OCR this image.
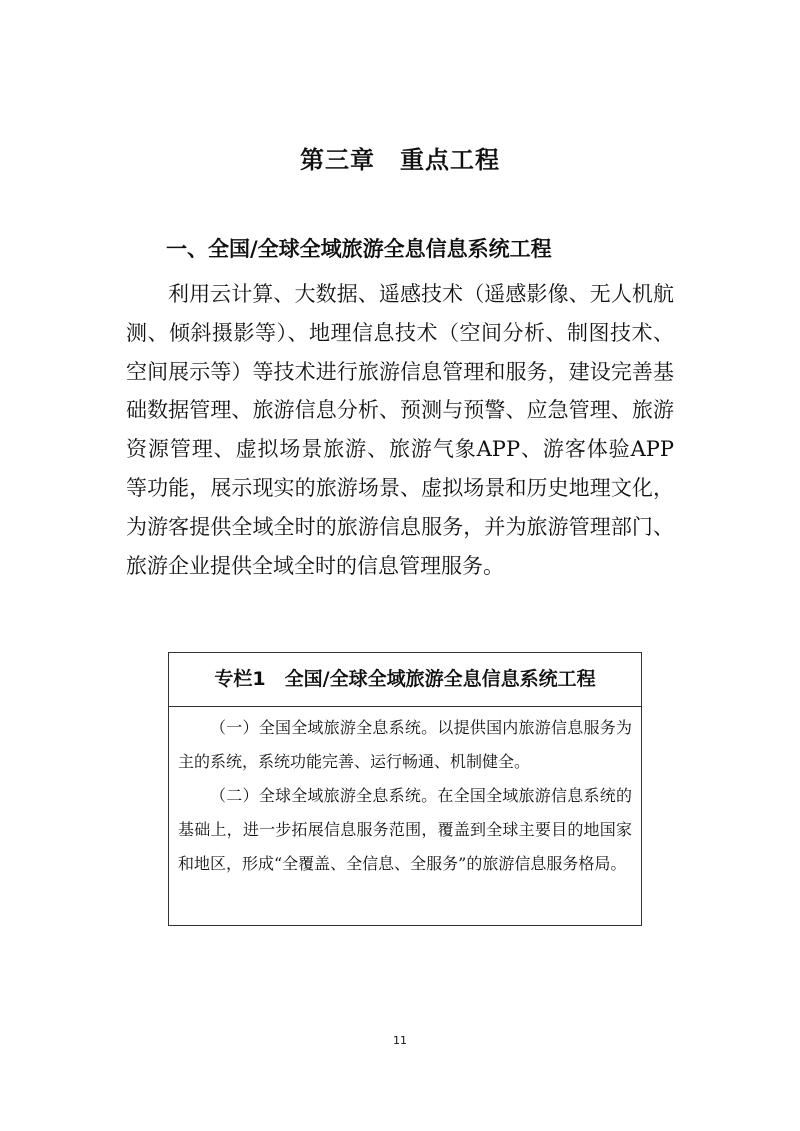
第三章　重点工程
一、全国/全球全域旅游全息信息系统工程

利用云计算、大数据、遥感技术（遥感影像、无人机航测、倾斜摄影等）、地理信息技术（空间分析、制图技术、空间展示等）等技术进行旅游信息管理和服务，建设完善基础数据管理、旅游信息分析、预测与预警、应急管理、旅游资源管理、虚拟场景旅游、旅游气象APP、游客体验APP等功能，展示现实的旅游场景、虚拟场景和历史地理文化，为游客提供全域全时的旅游信息服务，并为旅游管理部门、旅游企业提供全域全时的信息管理服务。

专栏1　全国/全球全域旅游全息信息系统工程

（一）全国全域旅游全息系统。以提供国内旅游信息服务为主的系统，系统功能完善、运行畅通、机制健全。

（二）全球全域旅游全息系统。在全国全域旅游信息系统的基础上，进一步拓展信息服务范围，覆盖到全球主要目的地国家和地区，形成“全覆盖、全信息、全服务”的旅游信息服务格局。

11
